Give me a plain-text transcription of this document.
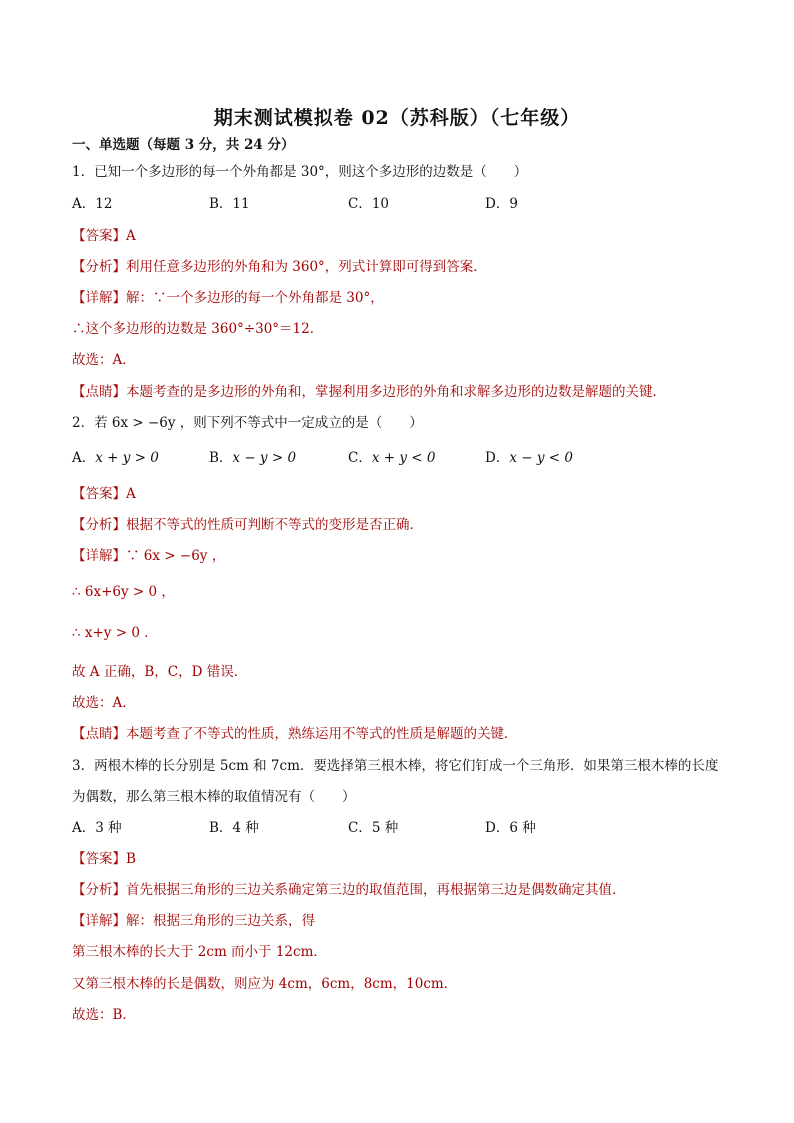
期末测试模拟卷 02（苏科版）（七年级）
一、单选题（每题 3 分，共 24 分）
1．已知一个多边形的每一个外角都是 30°，则这个多边形的边数是（　　）
A．12	B．11	C．10	D．9
【答案】A
【分析】利用任意多边形的外角和为 360°，列式计算即可得到答案．
【详解】解：∵一个多边形的每一个外角都是 30°，
∴这个多边形的边数是 360°÷30°＝12．
故选：A．
【点睛】本题考查的是多边形的外角和，掌握利用多边形的外角和求解多边形的边数是解题的关键．
2．若 6x > −6y ，则下列不等式中一定成立的是（　　）
A．x + y > 0	B．x − y > 0	C．x + y < 0	D．x − y < 0
【答案】A
【分析】根据不等式的性质可判断不等式的变形是否正确．
【详解】∵ 6x > −6y ，
∴ 6x+6y > 0 ，
∴ x+y > 0 ．
故 A 正确，B，C，D 错误．
故选：A．
【点睛】本题考查了不等式的性质，熟练运用不等式的性质是解题的关键．
3．两根木棒的长分别是 5cm 和 7cm．要选择第三根木棒，将它们钉成一个三角形．如果第三根木棒的长度
为偶数，那么第三根木棒的取值情况有（　　）
A．3 种	B．4 种	C．5 种	D．6 种
【答案】B
【分析】首先根据三角形的三边关系确定第三边的取值范围，再根据第三边是偶数确定其值．
【详解】解：根据三角形的三边关系，得
第三根木棒的长大于 2cm 而小于 12cm．
又第三根木棒的长是偶数，则应为 4cm，6cm，8cm，10cm．
故选：B．
